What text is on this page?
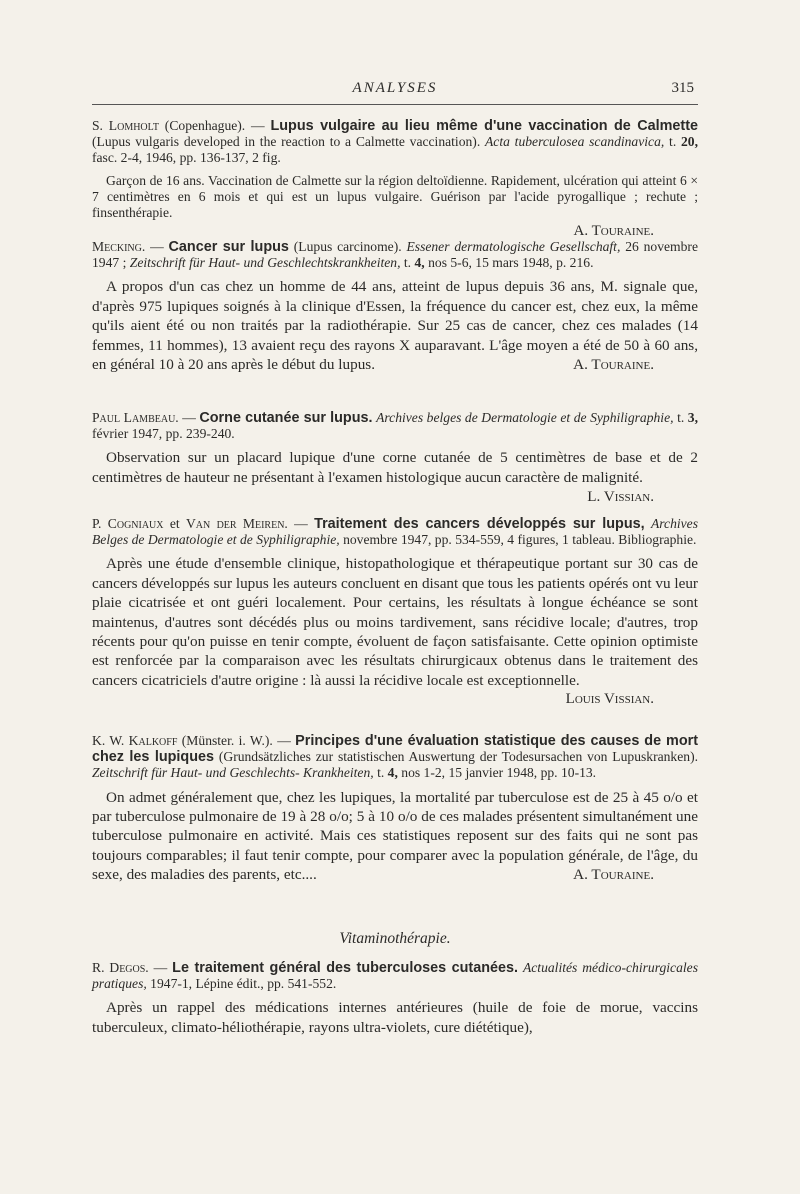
ANALYSES	315

S. Lomholt (Copenhague). — Lupus vulgaire au lieu même d'une vaccination de Calmette (Lupus vulgaris developed in the reaction to a Calmette vaccination). Acta tuberculosea scandinavica, t. 20, fasc. 2-4, 1946, pp. 136-137, 2 fig.

Garçon de 16 ans. Vaccination de Calmette sur la région deltoïdienne. Rapidement, ulcération qui atteint 6 × 7 centimètres en 6 mois et qui est un lupus vulgaire. Guérison par l'acide pyrogallique ; rechute ; finsenthérapie.

A. Touraine.

Mecking. — Cancer sur lupus (Lupus carcinome). Essener dermatologische Gesellschaft, 26 novembre 1947 ; Zeitschrift für Haut- und Geschlechtskrankheiten, t. 4, nos 5-6, 15 mars 1948, p. 216.

A propos d'un cas chez un homme de 44 ans, atteint de lupus depuis 36 ans, M. signale que, d'après 975 lupiques soignés à la clinique d'Essen, la fréquence du cancer est, chez eux, la même qu'ils aient été ou non traités par la radiothérapie. Sur 25 cas de cancer, chez ces malades (14 femmes, 11 hommes), 13 avaient reçu des rayons X auparavant. L'âge moyen a été de 50 à 60 ans, en général 10 à 20 ans après le début du lupus.	A. Touraine.

Paul Lambeau. — Corne cutanée sur lupus. Archives belges de Dermatologie et de Syphiligraphie, t. 3, février 1947, pp. 239-240.

Observation sur un placard lupique d'une corne cutanée de 5 centimètres de base et de 2 centimètres de hauteur ne présentant à l'examen histologique aucun caractère de malignité.
L. Vissian.

P. Cogniaux et Van der Meiren. — Traitement des cancers développés sur lupus, Archives Belges de Dermatologie et de Syphiligraphie, novembre 1947, pp. 534-559, 4 figures, 1 tableau. Bibliographie.

Après une étude d'ensemble clinique, histopathologique et thérapeutique portant sur 30 cas de cancers développés sur lupus les auteurs concluent en disant que tous les patients opérés ont vu leur plaie cicatrisée et ont guéri localement. Pour certains, les résultats à longue échéance se sont maintenus, d'autres sont décédés plus ou moins tardivement, sans récidive locale; d'autres, trop récents pour qu'on puisse en tenir compte, évoluent de façon satisfaisante. Cette opinion optimiste est renforcée par la comparaison avec les résultats chirurgicaux obtenus dans le traitement des cancers cicatriciels d'autre origine : là aussi la récidive locale est exceptionnelle.

Louis Vissian.

K. W. Kalkoff (Münster. i. W.). — Principes d'une évaluation statistique des causes de mort chez les lupiques (Grundsätzliches zur statistischen Auswertung der Todesursachen von Lupuskranken). Zeitschrift für Haut- und Geschlechts- Krankheiten, t. 4, nos 1-2, 15 janvier 1948, pp. 10-13.

On admet généralement que, chez les lupiques, la mortalité par tuberculose est de 25 à 45 o/o et par tuberculose pulmonaire de 19 à 28 o/o; 5 à 10 o/o de ces malades présentent simultanément une tuberculose pulmonaire en activité. Mais ces statistiques reposent sur des faits qui ne sont pas toujours comparables; il faut tenir compte, pour comparer avec la population générale, de l'âge, du sexe, des maladies des parents, etc....	A. Touraine.

Vitaminothérapie.

R. Degos. — Le traitement général des tuberculoses cutanées. Actualités médico-chirurgicales pratiques, 1947-1, Lépine édit., pp. 541-552.

Après un rappel des médications internes antérieures (huile de foie de morue, vaccins tuberculeux, climato-héliothérapie, rayons ultra-violets, cure diététique),
